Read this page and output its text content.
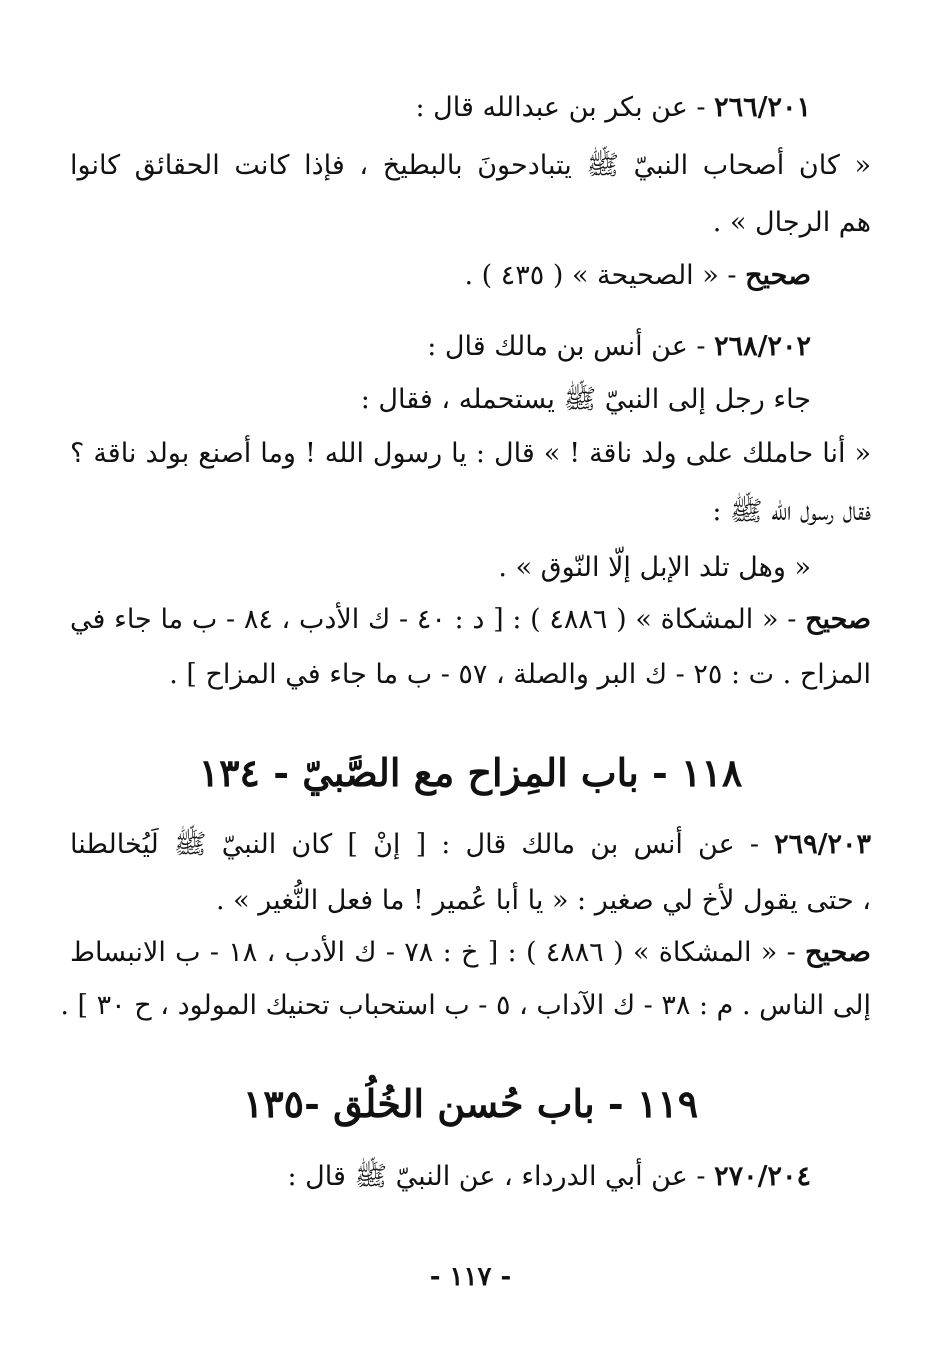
٢٦٦/٢٠١ - عن بكر بن عبدالله قال :
« كان أصحاب النبيّ ﷺ يتبادحونَ بالبطيخ ، فإذا كانت الحقائق كانوا
هم الرجال » .
صحيح - « الصحيحة » ( ٤٣٥ ) .
٢٦٨/٢٠٢ - عن أنس بن مالك قال :
جاء رجل إلى النبيّ ﷺ يستحمله ، فقال :
« أنا حاملك على ولد ناقة ! » قال : يا رسول الله ! وما أصنع بولد ناقة ؟
فقال رسول الله ﷺ :
« وهل تلد الإبل إلّا النّوق » .
صحيح - « المشكاة » ( ٤٨٨٦ ) : [ د : ٤٠ - ك الأدب ، ٨٤ - ب ما جاء في
المزاح . ت : ٢٥ - ك البر والصلة ، ٥٧ - ب ما جاء في المزاح ] .
١١٨ - باب المِزاح مع الصَّبيّ - ١٣٤
٢٦٩/٢٠٣ - عن أنس بن مالك قال : [ إنْ ] كان النبيّ ﷺ لَيُخالطنا
، حتى يقول لأخ لي صغير : « يا أبا عُمير ! ما فعل النُّغير » .
صحيح - « المشكاة » ( ٤٨٨٦ ) : [ خ : ٧٨ - ك الأدب ، ١٨ - ب الانبساط
إلى الناس . م : ٣٨ - ك الآداب ، ٥ - ب استحباب تحنيك المولود ، ح ٣٠ ] .
١١٩ - باب حُسن الخُلُق -١٣٥
٢٧٠/٢٠٤ - عن أبي الدرداء ، عن النبيّ ﷺ قال :
- ١١٧ -
